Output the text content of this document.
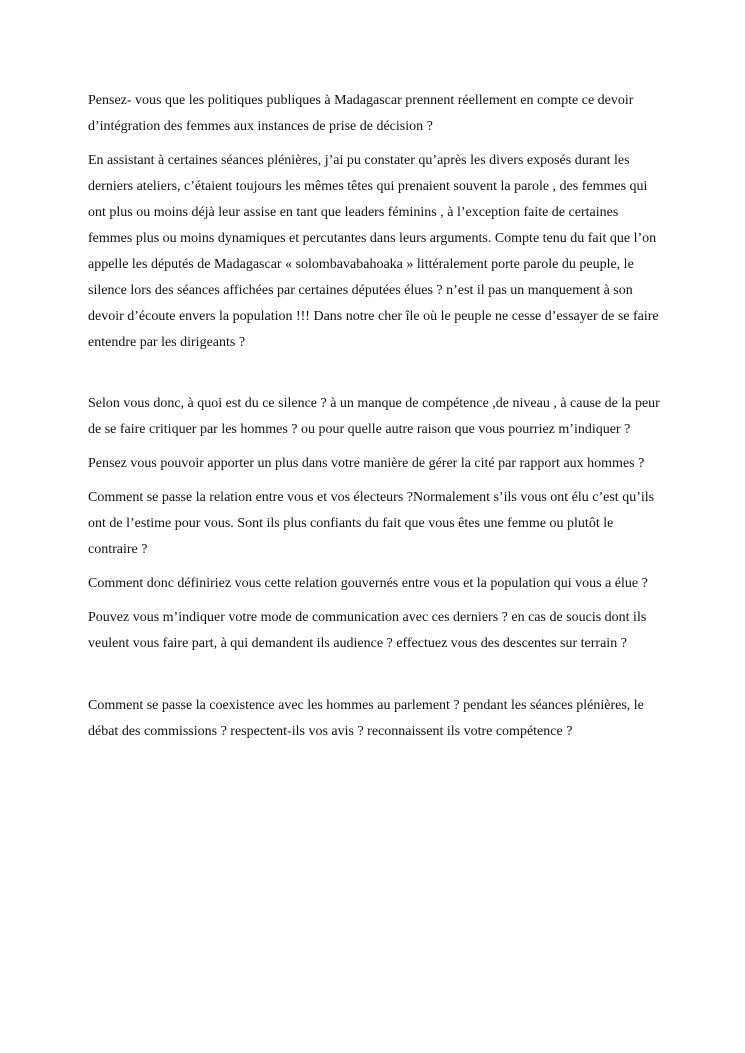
Pensez- vous que les politiques publiques à Madagascar prennent réellement en compte ce devoir d’intégration des femmes aux instances de prise de décision ?

En assistant à certaines séances plénières, j’ai pu constater qu’après les divers exposés durant les derniers ateliers, c’étaient toujours les mêmes têtes qui prenaient souvent la parole , des femmes qui ont plus ou moins déjà leur assise en tant que leaders féminins , à l’exception faite de certaines femmes plus ou moins dynamiques et percutantes dans leurs arguments. Compte tenu du fait que l’on appelle les députés de Madagascar « solombavabahoaka » littéralement porte parole du peuple, le silence lors des séances affichées par certaines députées élues ? n’est il pas un manquement à son devoir d’écoute envers la population !!! Dans notre cher île où le peuple ne cesse d’essayer de se faire entendre par les dirigeants ?

Selon vous donc, à quoi est du ce silence ? à un manque de compétence ,de niveau , à cause de la peur de se faire critiquer par les hommes ? ou pour quelle autre raison que vous pourriez m’indiquer ?

Pensez vous pouvoir apporter un plus dans votre manière de gérer la cité par rapport aux hommes ?

Comment se passe la relation entre vous et vos électeurs ?Normalement s’ils vous ont élu c’est qu’ils ont de l’estime pour vous. Sont ils plus confiants du fait que vous êtes une femme ou plutôt le contraire ?

Comment donc définiriez vous cette relation gouvernés entre vous et la population qui vous a élue ?

Pouvez vous m’indiquer votre mode de communication avec ces derniers ? en cas de soucis dont ils veulent vous faire part, à qui demandent ils audience ? effectuez vous des descentes sur terrain ?

Comment se passe la coexistence avec les hommes au parlement ? pendant les séances plénières, le débat des commissions ? respectent-ils vos avis ? reconnaissent ils votre compétence ?
